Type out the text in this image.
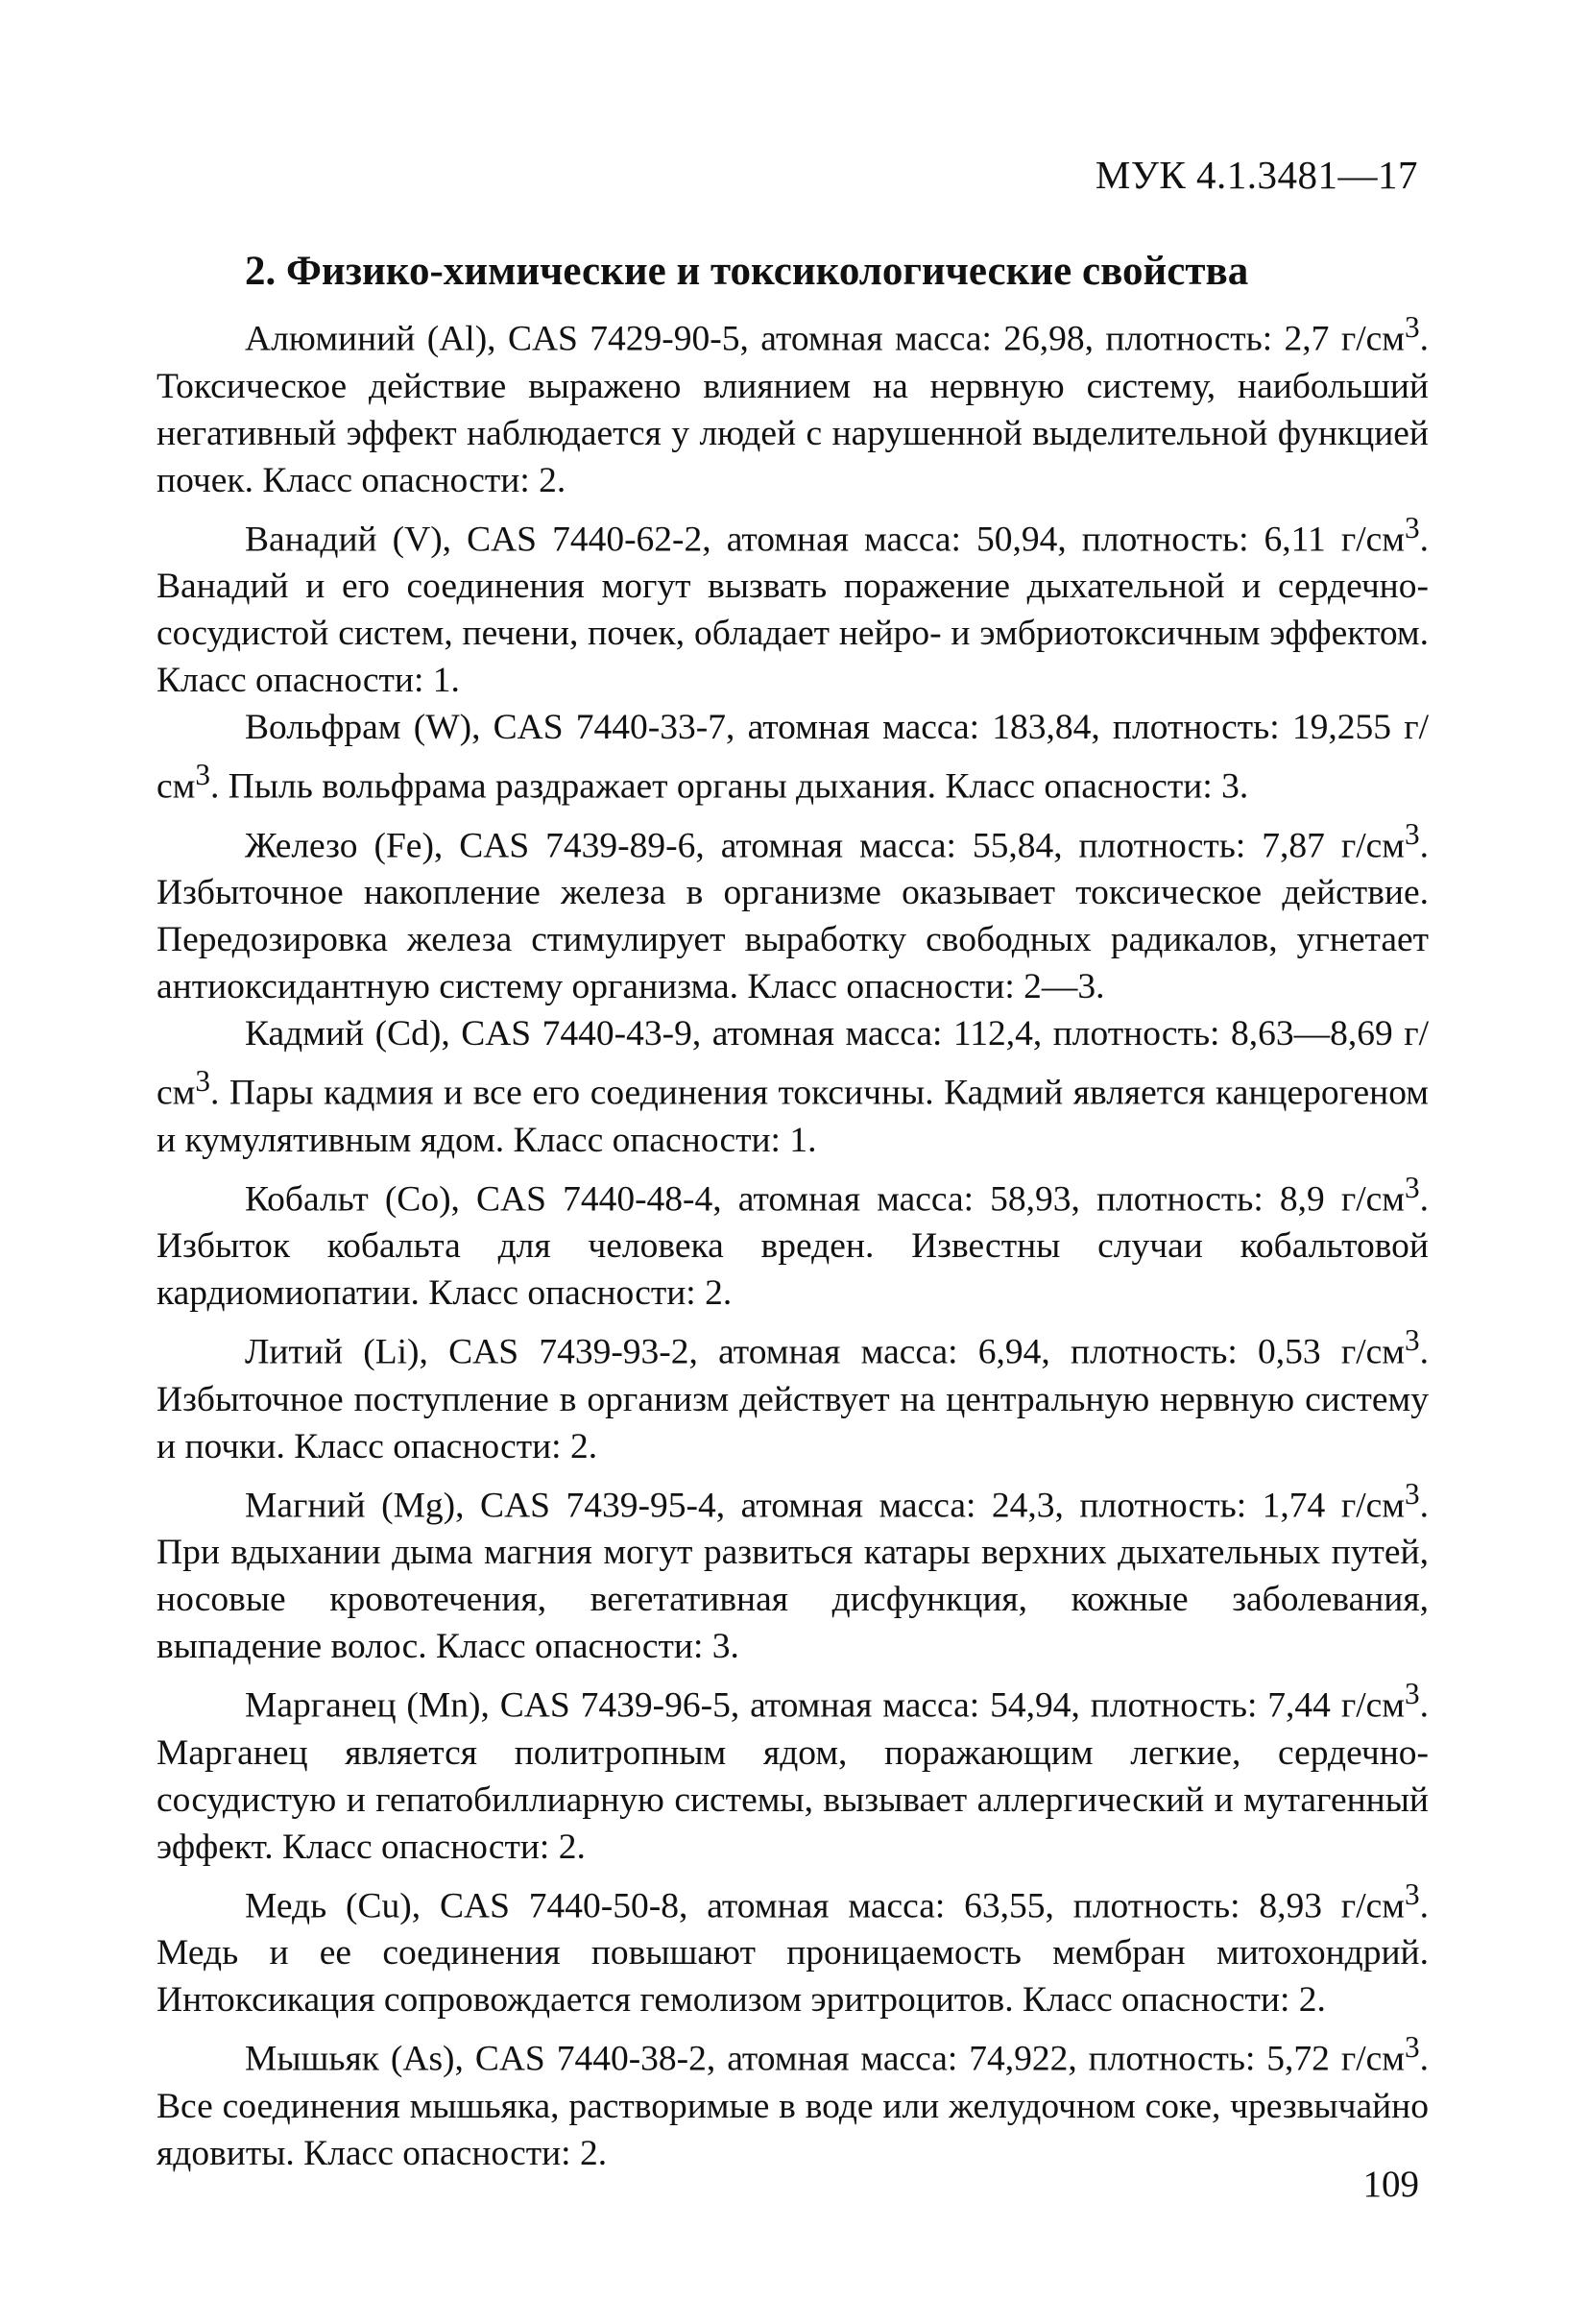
МУК 4.1.3481—17
2. Физико-химические и токсикологические свойства

Алюминий (Al), CAS 7429-90-5, атомная масса: 26,98, плотность: 2,7 $г/см^3$. Токсическое действие выражено влиянием на нервную систему, наибольший негативный эффект наблюдается у людей с нарушенной выделительной функцией почек. Класс опасности: 2.

Ванадий (V), CAS 7440-62-2, атомная масса: 50,94, плотность: 6,11 $г/см^3$. Ванадий и его соединения могут вызвать поражение дыхательной и сердечно-сосудистой систем, печени, почек, обладает нейро- и эмбриотоксичным эффектом. Класс опасности: 1.

Вольфрам (W), CAS 7440-33-7, атомная масса: 183,84, плотность: 19,255 $г/см^3$. Пыль вольфрама раздражает органы дыхания. Класс опасности: 3.

Железо (Fe), CAS 7439-89-6, атомная масса: 55,84, плотность: 7,87 $г/см^3$. Избыточное накопление железа в организме оказывает токсическое действие. Передозировка железа стимулирует выработку свободных радикалов, угнетает антиоксидантную систему организма. Класс опасности: 2—3.

Кадмий (Cd), CAS 7440-43-9, атомная масса: 112,4, плотность: 8,63—8,69 $г/см^3$. Пары кадмия и все его соединения токсичны. Кадмий является канцерогеном и кумулятивным ядом. Класс опасности: 1.

Кобальт (Co), CAS 7440-48-4, атомная масса: 58,93, плотность: 8,9 $г/см^3$. Избыток кобальта для человека вреден. Известны случаи кобальтовой кардиомиопатии. Класс опасности: 2.

Литий (Li), CAS 7439-93-2, атомная масса: 6,94, плотность: 0,53 $г/см^3$. Избыточное поступление в организм действует на центральную нервную систему и почки. Класс опасности: 2.

Магний (Mg), CAS 7439-95-4, атомная масса: 24,3, плотность: 1,74 $г/см^3$. При вдыхании дыма магния могут развиться катары верхних дыхательных путей, носовые кровотечения, вегетативная дисфункция, кожные заболевания, выпадение волос. Класс опасности: 3.

Марганец (Mn), CAS 7439-96-5, атомная масса: 54,94, плотность: 7,44 $г/см^3$. Марганец является политропным ядом, поражающим легкие, сердечно-сосудистую и гепатобиллиарную системы, вызывает аллергический и мутагенный эффект. Класс опасности: 2.

Медь (Cu), CAS 7440-50-8, атомная масса: 63,55, плотность: 8,93 $г/см^3$. Медь и ее соединения повышают проницаемость мембран митохондрий. Интоксикация сопровождается гемолизом эритроцитов. Класс опасности: 2.

Мышьяк (As), CAS 7440-38-2, атомная масса: 74,922, плотность: 5,72 $г/см^3$. Все соединения мышьяка, растворимые в воде или желудочном соке, чрезвычайно ядовиты. Класс опасности: 2.

109
